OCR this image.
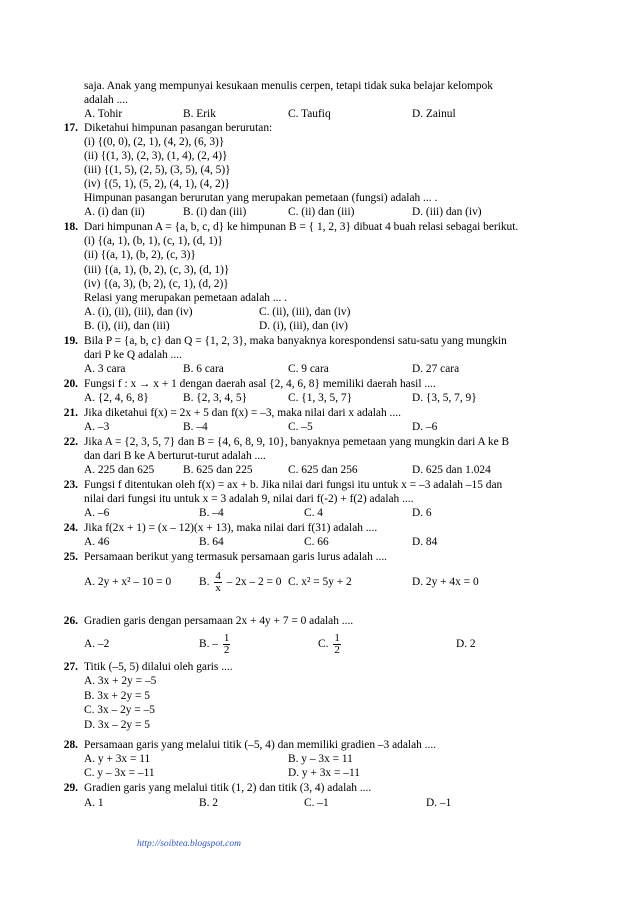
saja. Anak yang mempunyai kesukaan menulis cerpen, tetapi tidak suka belajar kelompok
adalah ....
A. Tohir	B. Erik	C. Taufiq	D. Zainul
17. Diketahui himpunan pasangan berurutan:
(i) {(0, 0), (2, 1), (4, 2), (6, 3)}
(ii) {(1, 3), (2, 3), (1, 4), (2, 4)}
(iii) {(1, 5), (2, 5), (3, 5), (4, 5)}
(iv) {(5, 1), (5, 2), (4, 1), (4, 2)}
Himpunan pasangan berurutan yang merupakan pemetaan (fungsi) adalah ... .
A. (i) dan (ii)	B. (i) dan (iii)	C. (ii) dan (iii)	D. (iii) dan (iv)
18. Dari himpunan A = {a, b, c, d} ke himpunan B = { 1, 2, 3} dibuat 4 buah relasi sebagai berikut.
(i) {(a, 1), (b, 1), (c, 1), (d, 1)}
(ii) {(a, 1), (b, 2), (c, 3)}
(iii) {(a, 1), (b, 2), (c, 3), (d, 1)}
(iv) {(a, 3), (b, 2), (c, 1), (d, 2)}
Relasi yang merupakan pemetaan adalah ... .
A. (i), (ii), (iii), dan (iv)	C. (ii), (iii), dan (iv)
B. (i), (ii), dan (iii)	D. (i), (iii), dan (iv)
19. Bila P = {a, b, c} dan Q = {1, 2, 3}, maka banyaknya korespondensi satu-satu yang mungkin
dari P ke Q adalah ....
A. 3 cara	B. 6 cara	C. 9 cara	D. 27 cara
20. Fungsi f : x → x + 1 dengan daerah asal {2, 4, 6, 8} memiliki daerah hasil ....
A. {2, 4, 6, 8}	B. {2, 3, 4, 5}	C. {1, 3, 5, 7}	D. {3, 5, 7, 9}
21. Jika diketahui f(x) = 2x + 5 dan f(x) = –3, maka nilai dari x adalah ....
A. –3	B. –4	C. –5	D. –6
22. Jika A = {2, 3, 5, 7} dan B = {4, 6, 8, 9, 10}, banyaknya pemetaan yang mungkin dari A ke B
dan dari B ke A berturut-turut adalah ....
A. 225 dan 625	B. 625 dan 225	C. 625 dan 256	D. 625 dan 1.024
23. Fungsi f ditentukan oleh f(x) = ax + b. Jika nilai dari fungsi itu untuk x = –3 adalah –15 dan
nilai dari fungsi itu untuk x = 3 adalah 9, nilai dari f(-2) + f(2) adalah ....
A. –6	B. –4	C. 4	D. 6
24. Jika f(2x + 1) = (x – 12)(x + 13), maka nilai dari f(31) adalah ....
A. 46	B. 64	C. 66	D. 84
25. Persamaan berikut yang termasuk persamaan garis lurus adalah ....
A. 2y + x² – 10 = 0 B. $\frac{4}{x} - 2x - 2 = 0$ C. x² = 5y + 2	D. 2y + 4x = 0
26. Gradien garis dengan persamaan 2x + 4y + 7 = 0 adalah ....
A. –2	B. – $\frac{1}{2}$	C. $\frac{1}{2}$	D. 2
27. Titik (–5, 5) dilalui oleh garis ....
A. 3x + 2y = –5
B. 3x + 2y = 5
C. 3x – 2y = –5
D. 3x – 2y = 5
28. Persamaan garis yang melalui titik (–5, 4) dan memiliki gradien –3 adalah ....
A. y + 3x = 11	B. y – 3x = 11
C. y – 3x = –11	D. y + 3x = –11
29. Gradien garis yang melalui titik (1, 2) dan titik (3, 4) adalah ....
A. 1	B. 2	C. –1	D. –1
http://soibtea.blogspot.com
